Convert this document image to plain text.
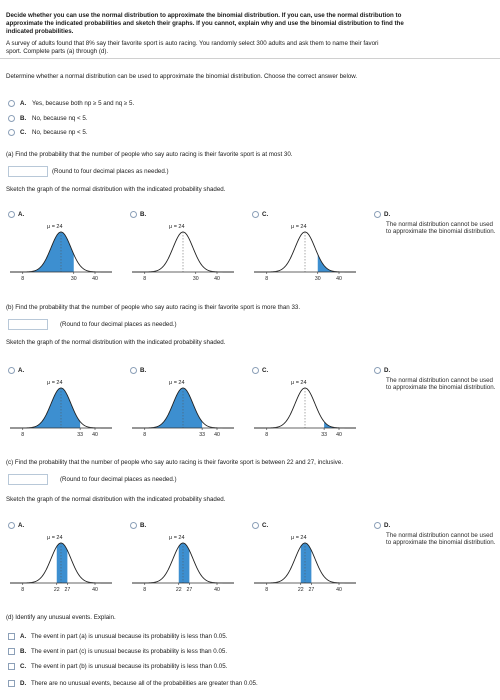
Decide whether you can use the normal distribution to approximate the binomial distribution. If you can, use the normal distribution to
approximate the indicated probabilities and sketch their graphs. If you cannot, explain why and use the binomial distribution to find the
indicated probabilities.
A survey of adults found that 8% say their favorite sport is auto racing. You randomly select 300 adults and ask them to name their favori
sport. Complete parts (a) through (d).
Determine whether a normal distribution can be used to approximate the binomial distribution. Choose the correct answer below.
A. Yes, because both np ≥ 5 and nq ≥ 5.
B. No, because nq < 5.
C. No, because np < 5.
(a) Find the probability that the number of people who say auto racing is their favorite sport is at most 30.
(Round to four decimal places as needed.)
Sketch the graph of the normal distribution with the indicated probability shaded.
A.	B.	C.	D.
The normal distribution cannot be used to approximate the binomial distribution.
μ = 24
8	30	40
μ = 24
8	30	40
μ = 24
8	30	40
(b) Find the probability that the number of people who say auto racing is their favorite sport is more than 33.
(Round to four decimal places as needed.)
Sketch the graph of the normal distribution with the indicated probability shaded.
A.	B.	C.	D.
The normal distribution cannot be used to approximate the binomial distribution.
μ = 24
8	33 40
μ = 24
8	33 40
μ = 24
8	33 40
(c) Find the probability that the number of people who say auto racing is their favorite sport is between 22 and 27, inclusive.
(Round to four decimal places as needed.)
Sketch the graph of the normal distribution with the indicated probability shaded.
A.	B.	C.	D.
The normal distribution cannot be used to approximate the binomial distribution.
μ = 24
8	22 27	40
μ = 24
8	22 27	40
μ = 24
8	22 27	40
(d) Identify any unusual events. Explain.
A. The event in part (a) is unusual because its probability is less than 0.05.
B. The event in part (c) is unusual because its probability is less than 0.05.
C. The event in part (b) is unusual because its probability is less than 0.05.
D. There are no unusual events, because all of the probabilities are greater than 0.05.
